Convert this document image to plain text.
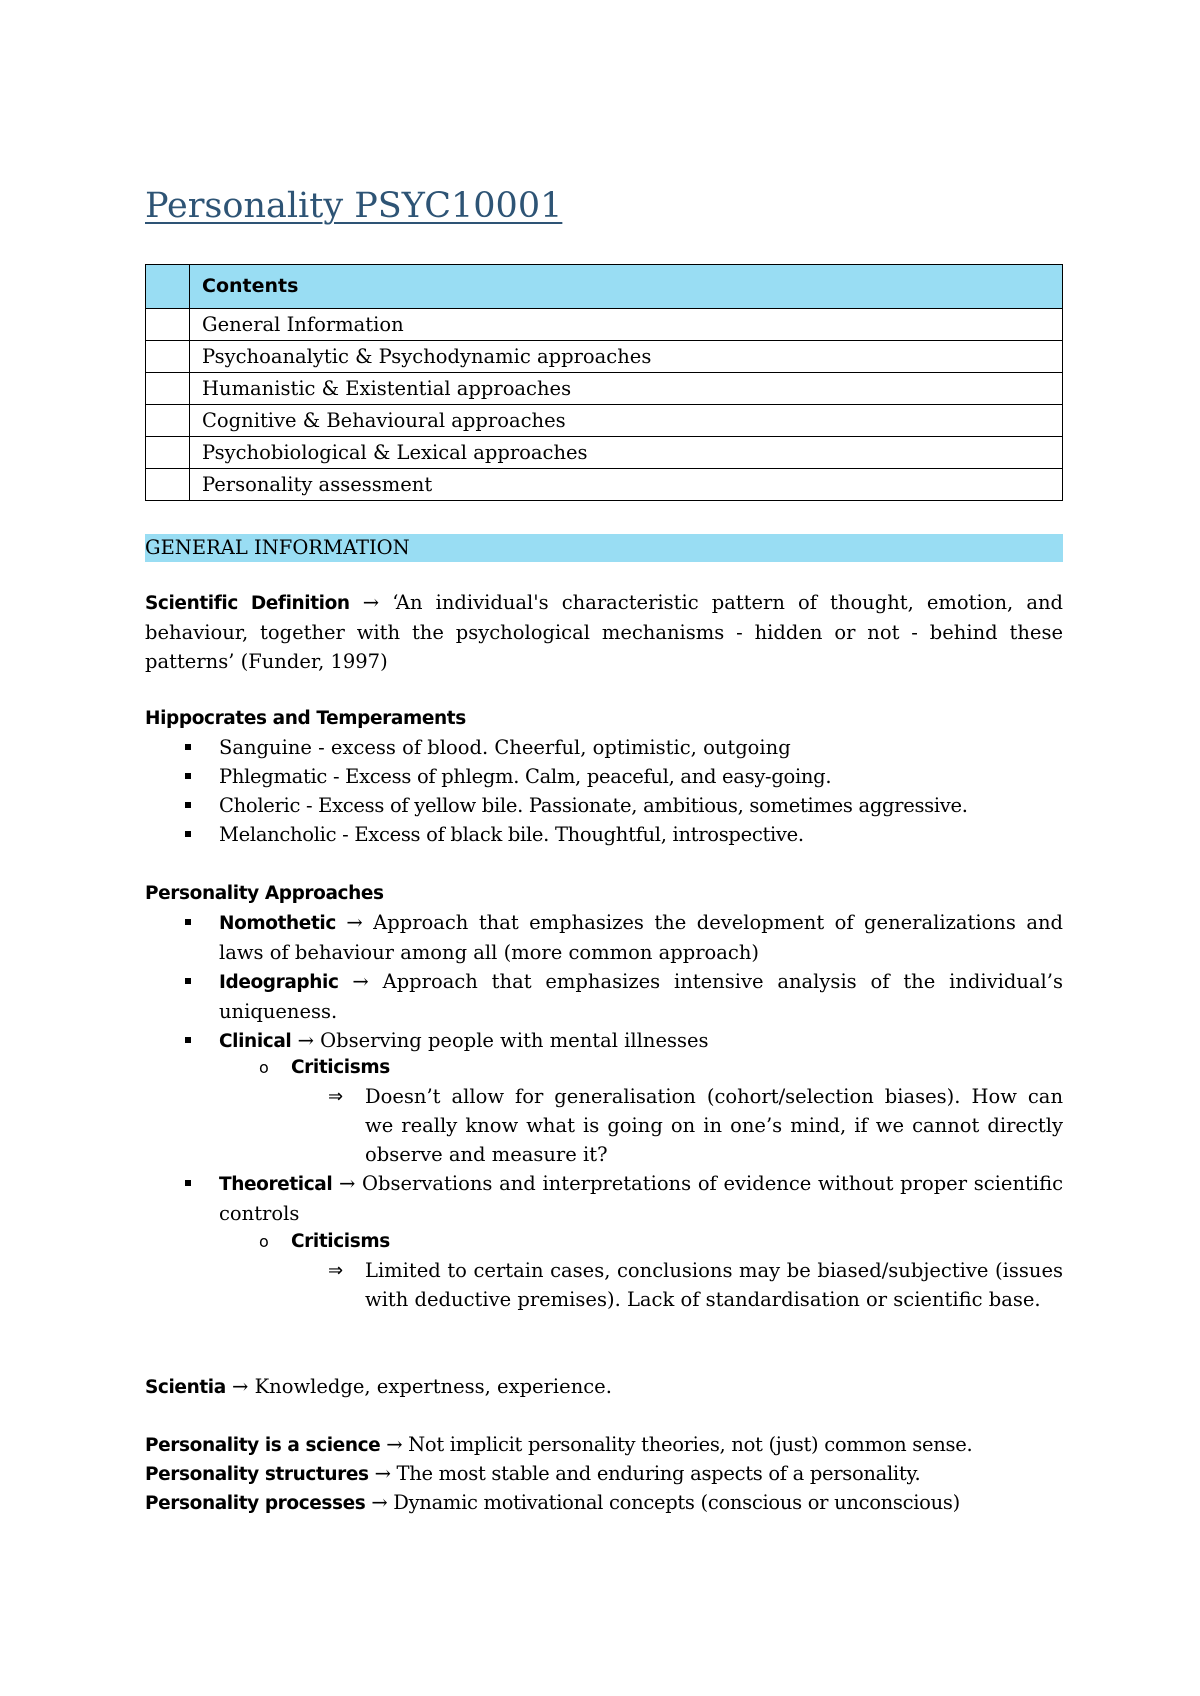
Personality PSYC10001
	Contents
	General Information
	Psychoanalytic & Psychodynamic approaches
	Humanistic & Existential approaches
	Cognitive & Behavioural approaches
	Psychobiological & Lexical approaches
	Personality assessment
GENERAL INFORMATION
Scientific Definition → ‘An individual's characteristic pattern of thought, emotion, and behaviour, together with the psychological mechanisms - hidden or not - behind these patterns’ (Funder, 1997)
Hippocrates and Temperaments
Sanguine - excess of blood. Cheerful, optimistic, outgoing
Phlegmatic - Excess of phlegm. Calm, peaceful, and easy-going.
Choleric - Excess of yellow bile. Passionate, ambitious, sometimes aggressive.
Melancholic - Excess of black bile. Thoughtful, introspective.
Personality Approaches
Nomothetic → Approach that emphasizes the development of generalizations and laws of behaviour among all (more common approach)
Ideographic → Approach that emphasizes intensive analysis of the individual’s uniqueness.
Clinical → Observing people with mental illnesses
o Criticisms
⇒ Doesn’t allow for generalisation (cohort/selection biases). How can we really know what is going on in one’s mind, if we cannot directly observe and measure it?
Theoretical → Observations and interpretations of evidence without proper scientific controls
o Criticisms
⇒ Limited to certain cases, conclusions may be biased/subjective (issues with deductive premises). Lack of standardisation or scientific base.
Scientia → Knowledge, expertness, experience.
Personality is a science → Not implicit personality theories, not (just) common sense.
Personality structures → The most stable and enduring aspects of a personality.
Personality processes → Dynamic motivational concepts (conscious or unconscious)
